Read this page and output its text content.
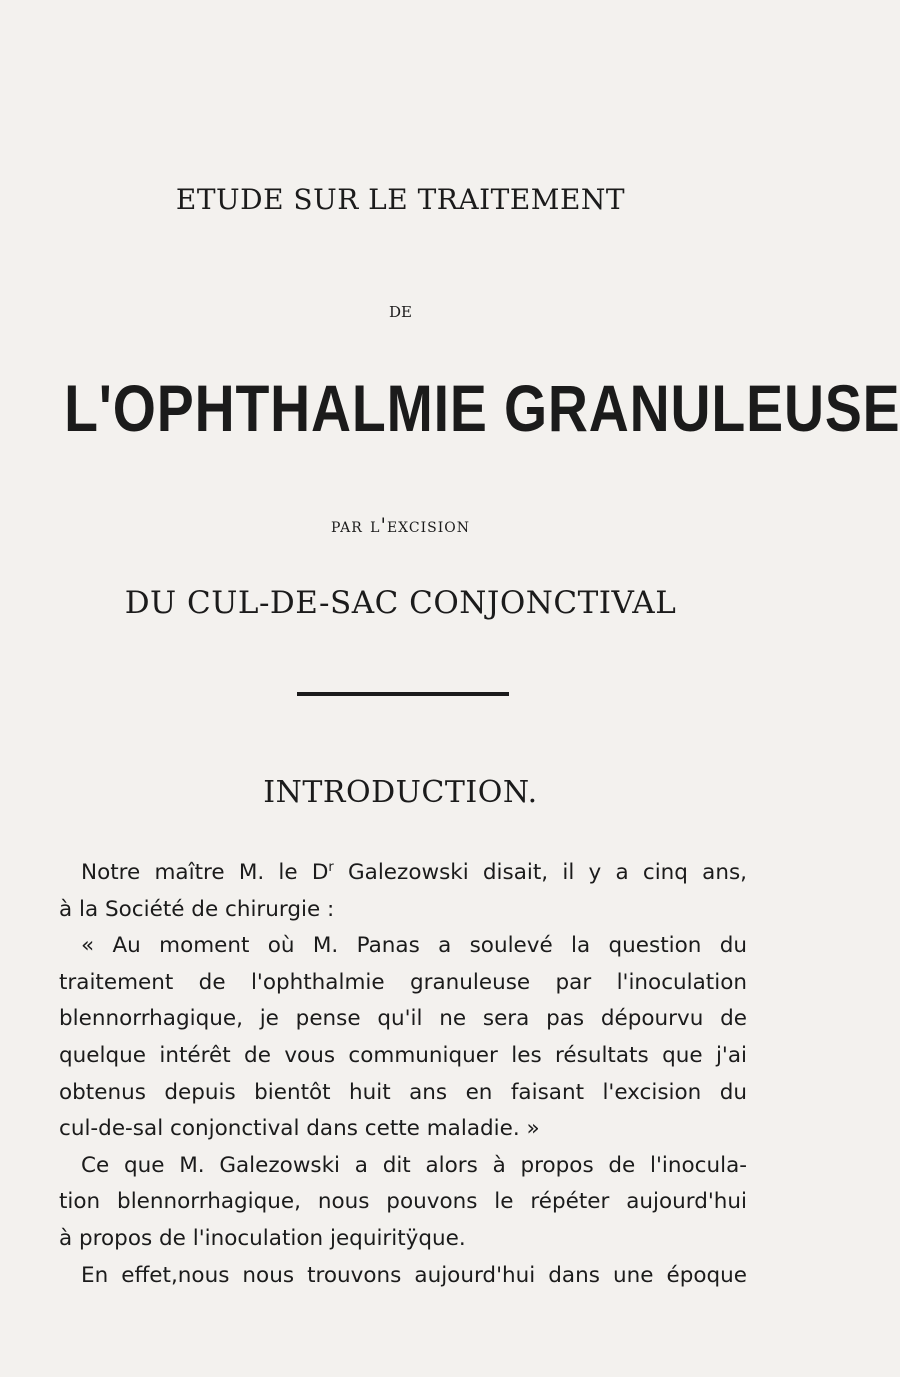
ETUDE SUR LE TRAITEMENT
DE
L'OPHTHALMIE GRANULEUSE
par l'excision
DU CUL-DE-SAC CONJONCTIVAL
INTRODUCTION.
Notre maître M. le $D^r$ Galezowski disait, il y a cinq ans,
à la Société de chirurgie :
« Au moment où M. Panas a soulevé la question du
traitement de l'ophthalmie granuleuse par l'inoculation
blennorrhagique, je pense qu'il ne sera pas dépourvu de
quelque intérêt de vous communiquer les résultats que j'ai
obtenus depuis bientôt huit ans en faisant l'excision du
cul-de-sal conjonctival dans cette maladie. »
Ce que M. Galezowski a dit alors à propos de l'inocula-
tion blennorrhagique, nous pouvons le répéter aujourd'hui
à propos de l'inoculation jequiritÿque.
En effet,nous nous trouvons aujourd'hui dans une époque
